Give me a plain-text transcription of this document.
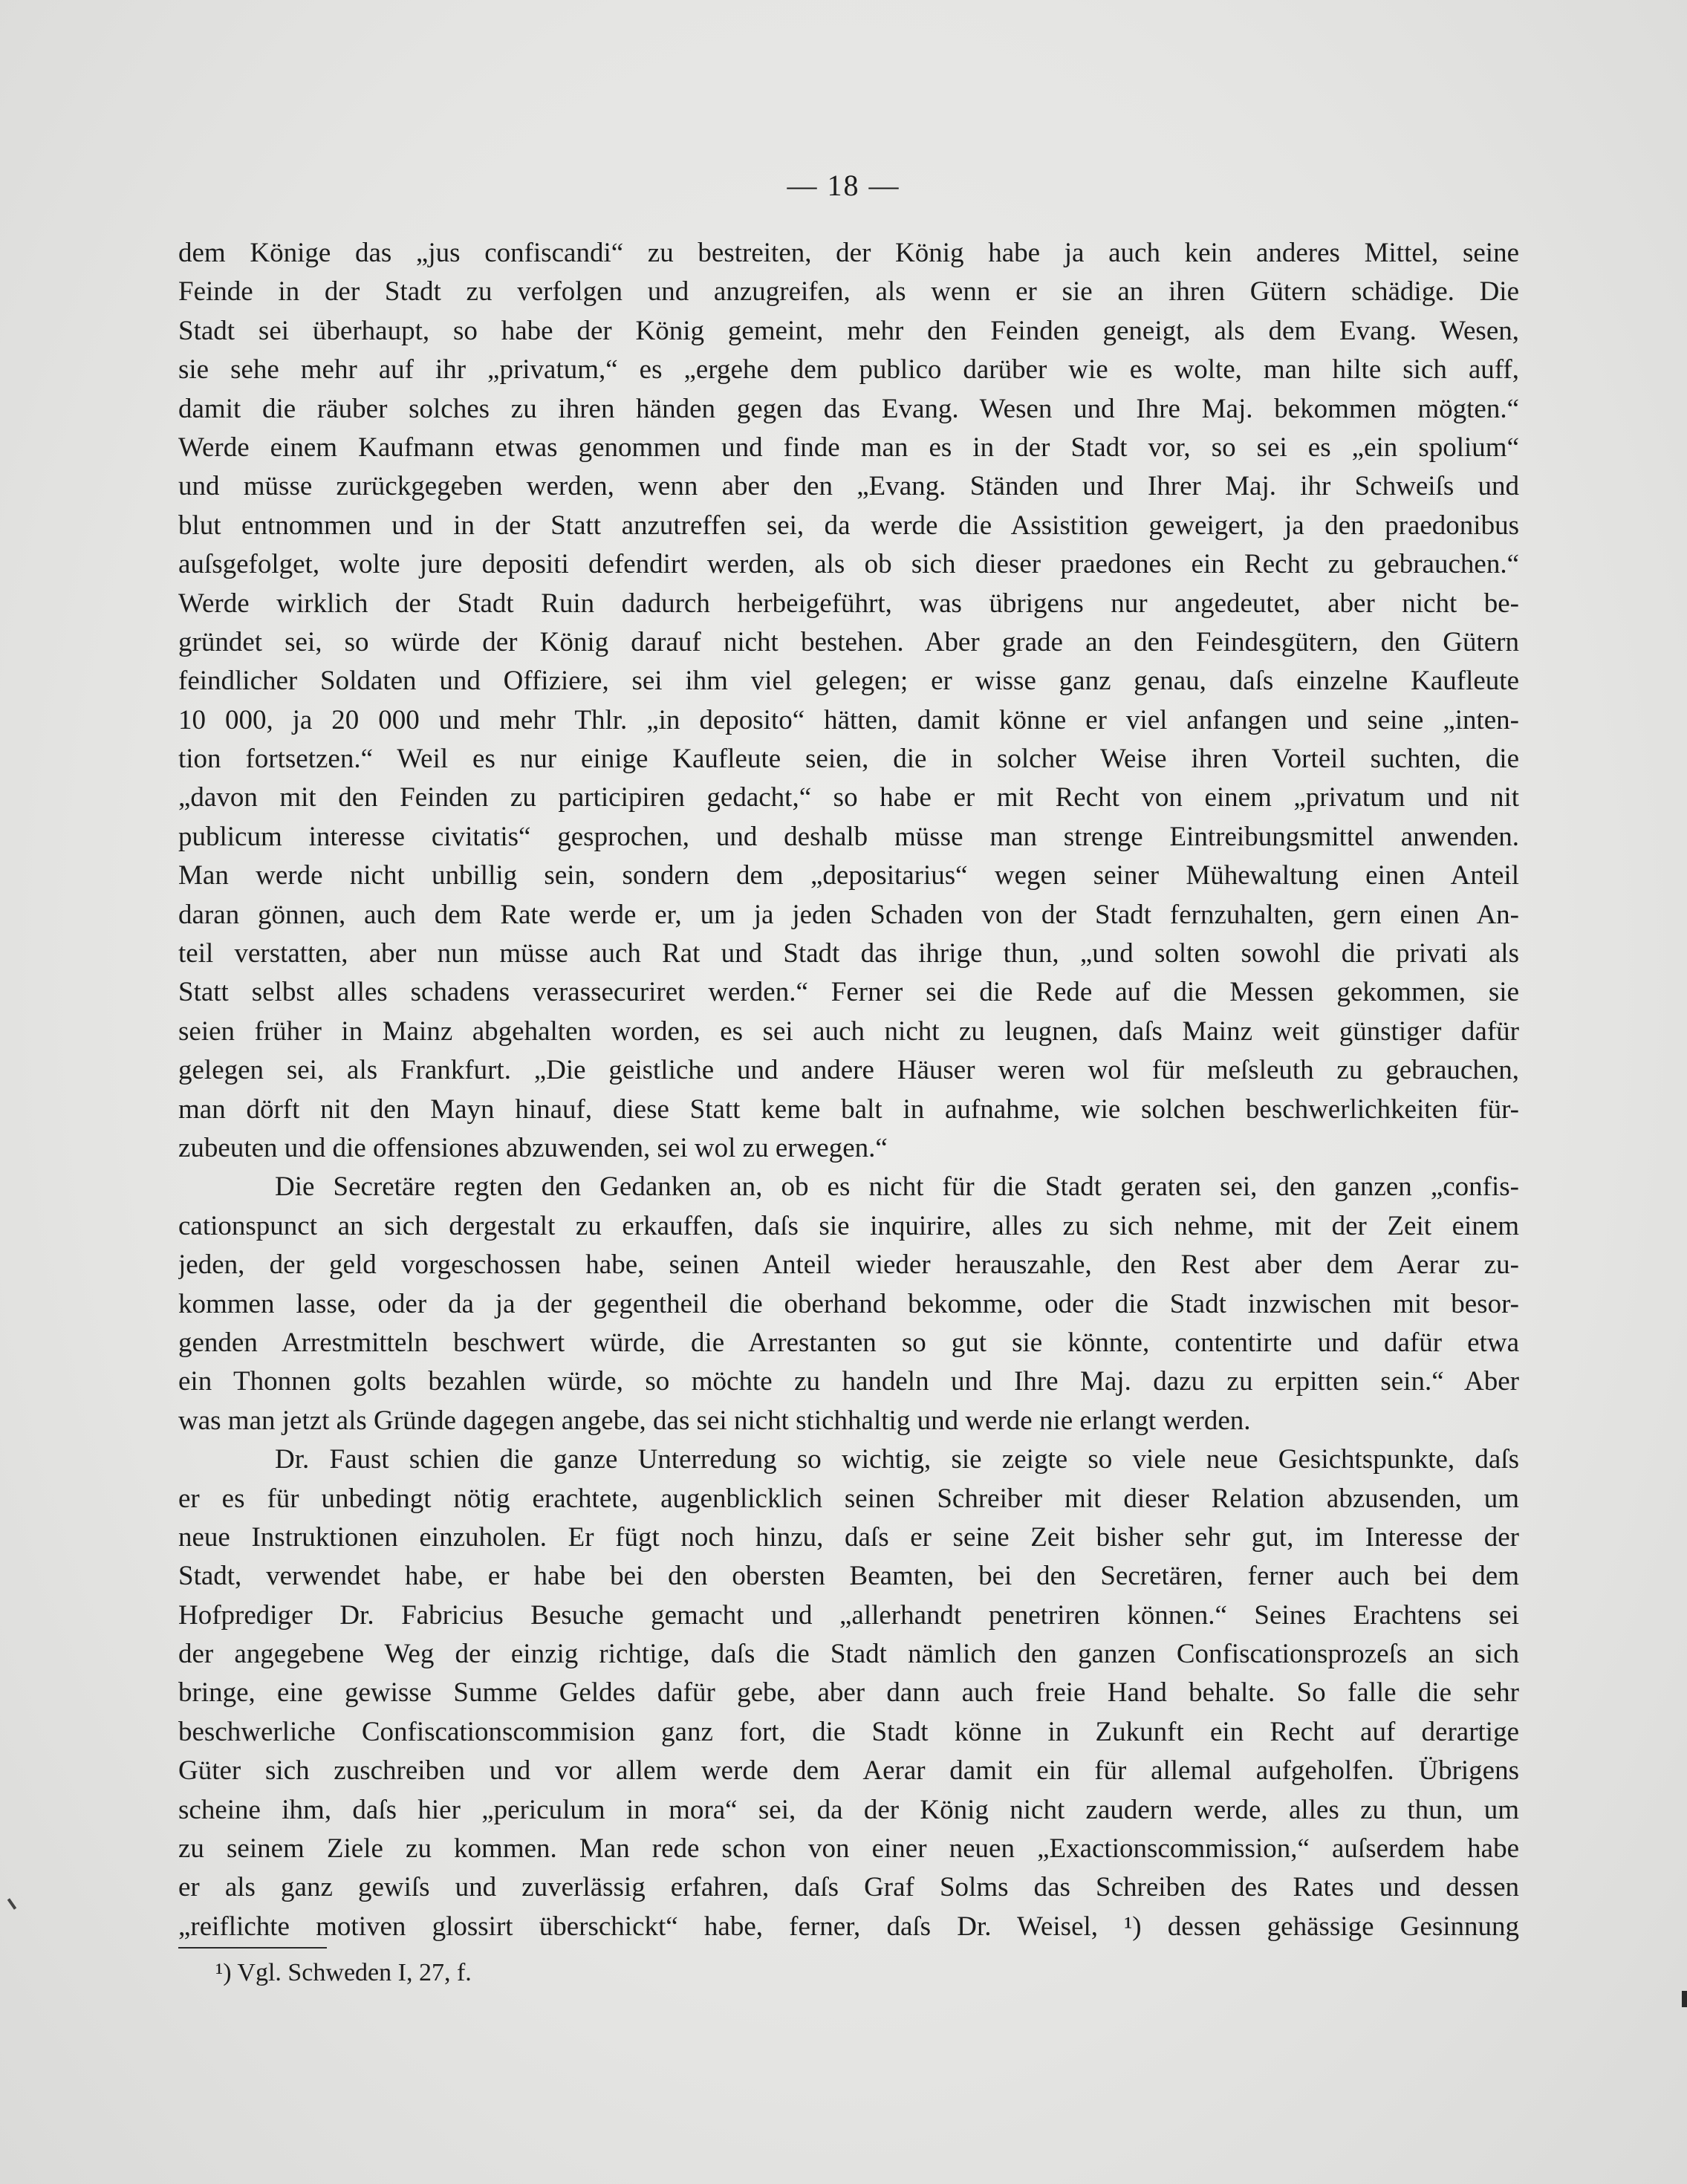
— 18 —
dem Könige das „jus confiscandi“ zu bestreiten, der König habe ja auch kein anderes Mittel, seine
Feinde in der Stadt zu verfolgen und anzugreifen, als wenn er sie an ihren Gütern schädige. Die
Stadt sei überhaupt, so habe der König gemeint, mehr den Feinden geneigt, als dem Evang. Wesen,
sie sehe mehr auf ihr „privatum,“ es „ergehe dem publico darüber wie es wolte, man hilte sich auff,
damit die räuber solches zu ihren händen gegen das Evang. Wesen und Ihre Maj. bekommen mögten.“
Werde einem Kaufmann etwas genommen und finde man es in der Stadt vor, so sei es „ein spolium“
und müsse zurückgegeben werden, wenn aber den „Evang. Ständen und Ihrer Maj. ihr Schweiſs und
blut entnommen und in der Statt anzutreffen sei, da werde die Assistition geweigert, ja den praedonibus
auſsgefolget, wolte jure depositi defendirt werden, als ob sich dieser praedones ein Recht zu gebrauchen.“
Werde wirklich der Stadt Ruin dadurch herbeigeführt, was übrigens nur angedeutet, aber nicht be-
gründet sei, so würde der König darauf nicht bestehen. Aber grade an den Feindesgütern, den Gütern
feindlicher Soldaten und Offiziere, sei ihm viel gelegen; er wisse ganz genau, daſs einzelne Kaufleute
10 000, ja 20 000 und mehr Thlr. „in deposito“ hätten, damit könne er viel anfangen und seine „inten-
tion fortsetzen.“ Weil es nur einige Kaufleute seien, die in solcher Weise ihren Vorteil suchten, die
„davon mit den Feinden zu participiren gedacht,“ so habe er mit Recht von einem „privatum und nit
publicum interesse civitatis“ gesprochen, und deshalb müsse man strenge Eintreibungsmittel anwenden.
Man werde nicht unbillig sein, sondern dem „depositarius“ wegen seiner Mühewaltung einen Anteil
daran gönnen, auch dem Rate werde er, um ja jeden Schaden von der Stadt fernzuhalten, gern einen An-
teil verstatten, aber nun müsse auch Rat und Stadt das ihrige thun, „und solten sowohl die privati als
Statt selbst alles schadens verassecuriret werden.“ Ferner sei die Rede auf die Messen gekommen, sie
seien früher in Mainz abgehalten worden, es sei auch nicht zu leugnen, daſs Mainz weit günstiger dafür
gelegen sei, als Frankfurt. „Die geistliche und andere Häuser weren wol für meſsleuth zu gebrauchen,
man dörft nit den Mayn hinauf, diese Statt keme balt in aufnahme, wie solchen beschwerlichkeiten für-
zubeuten und die offensiones abzuwenden, sei wol zu erwegen.“
Die Secretäre regten den Gedanken an, ob es nicht für die Stadt geraten sei, den ganzen „confis-
cationspunct an sich dergestalt zu erkauffen, daſs sie inquirire, alles zu sich nehme, mit der Zeit einem
jeden, der geld vorgeschossen habe, seinen Anteil wieder herauszahle, den Rest aber dem Aerar zu-
kommen lasse, oder da ja der gegentheil die oberhand bekomme, oder die Stadt inzwischen mit besor-
genden Arrestmitteln beschwert würde, die Arrestanten so gut sie könnte, contentirte und dafür etwa
ein Thonnen golts bezahlen würde, so möchte zu handeln und Ihre Maj. dazu zu erpitten sein.“ Aber
was man jetzt als Gründe dagegen angebe, das sei nicht stichhaltig und werde nie erlangt werden.
Dr. Faust schien die ganze Unterredung so wichtig, sie zeigte so viele neue Gesichtspunkte, daſs
er es für unbedingt nötig erachtete, augenblicklich seinen Schreiber mit dieser Relation abzusenden, um
neue Instruktionen einzuholen. Er fügt noch hinzu, daſs er seine Zeit bisher sehr gut, im Interesse der
Stadt, verwendet habe, er habe bei den obersten Beamten, bei den Secretären, ferner auch bei dem
Hofprediger Dr. Fabricius Besuche gemacht und „allerhandt penetriren können.“ Seines Erachtens sei
der angegebene Weg der einzig richtige, daſs die Stadt nämlich den ganzen Confiscationsprozeſs an sich
bringe, eine gewisse Summe Geldes dafür gebe, aber dann auch freie Hand behalte. So falle die sehr
beschwerliche Confiscationscommision ganz fort, die Stadt könne in Zukunft ein Recht auf derartige
Güter sich zuschreiben und vor allem werde dem Aerar damit ein für allemal aufgeholfen. Übrigens
scheine ihm, daſs hier „periculum in mora“ sei, da der König nicht zaudern werde, alles zu thun, um
zu seinem Ziele zu kommen. Man rede schon von einer neuen „Exactionscommission,“ auſserdem habe
er als ganz gewiſs und zuverlässig erfahren, daſs Graf Solms das Schreiben des Rates und dessen
„reiflichte motiven glossirt überschickt“ habe, ferner, daſs Dr. Weisel, ¹) dessen gehässige Gesinnung
¹) Vgl. Schweden I, 27, f.
